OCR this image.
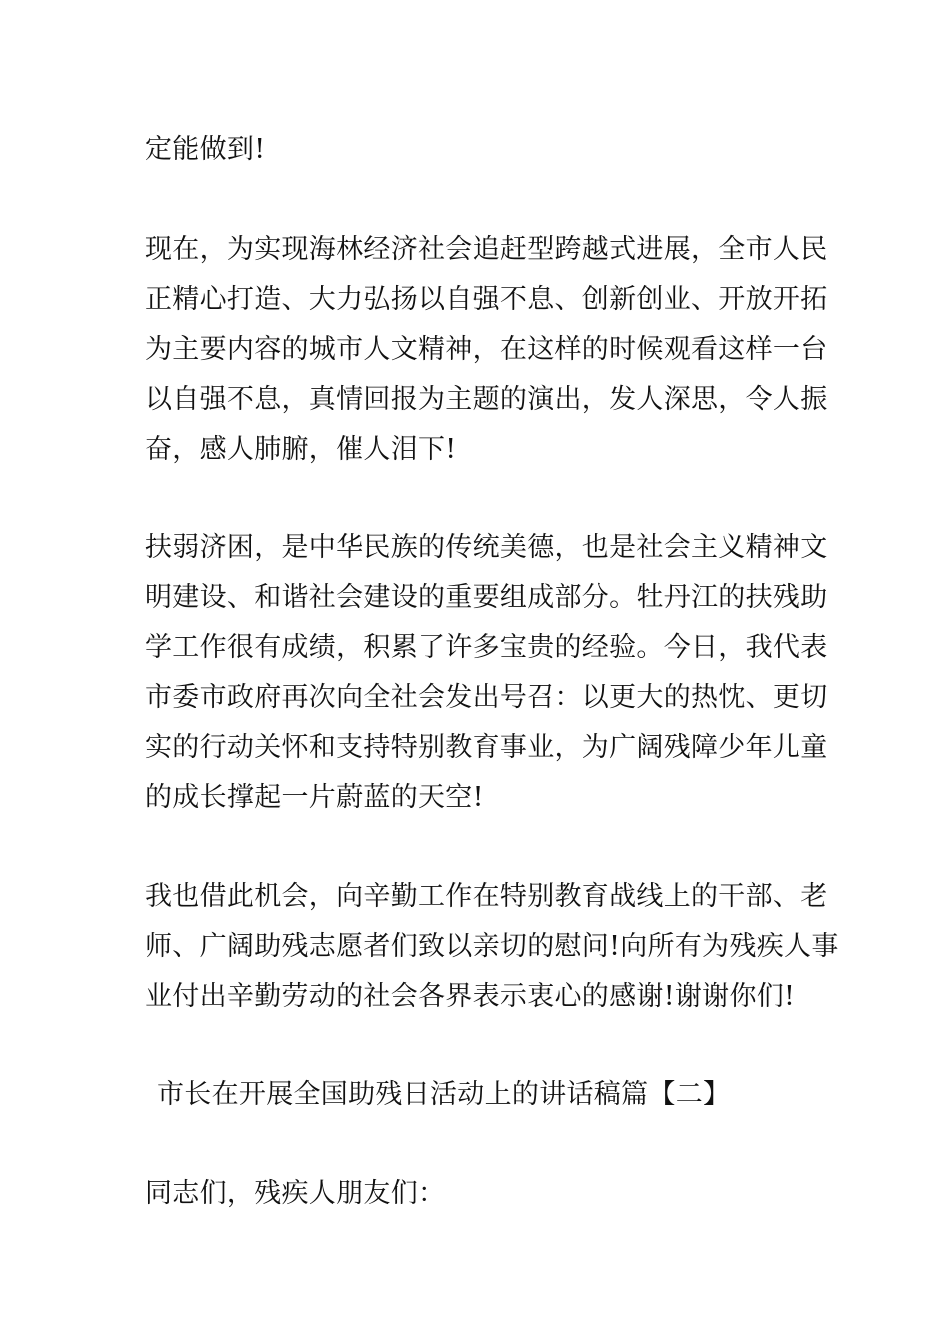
定能做到!
现在，为实现海林经济社会追赶型跨越式进展，全市人民
正精心打造、大力弘扬以自强不息、创新创业、开放开拓
为主要内容的城市人文精神，在这样的时候观看这样一台
以自强不息，真情回报为主题的演出，发人深思，令人振
奋，感人肺腑，催人泪下!
扶弱济困，是中华民族的传统美德，也是社会主义精神文
明建设、和谐社会建设的重要组成部分。牡丹江的扶残助
学工作很有成绩，积累了许多宝贵的经验。今日，我代表
市委市政府再次向全社会发出号召：以更大的热忱、更切
实的行动关怀和支持特别教育事业，为广阔残障少年儿童
的成长撑起一片蔚蓝的天空!
我也借此机会，向辛勤工作在特别教育战线上的干部、老
师、广阔助残志愿者们致以亲切的慰问!向所有为残疾人事
业付出辛勤劳动的社会各界表示衷心的感谢!谢谢你们!
市长在开展全国助残日活动上的讲话稿篇【二】
同志们，残疾人朋友们：
